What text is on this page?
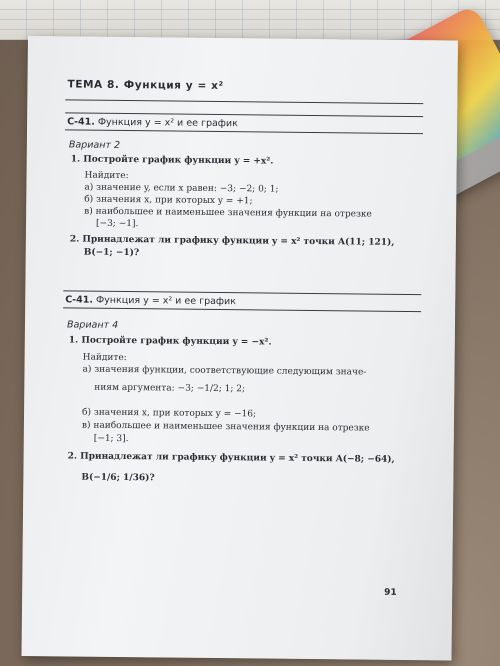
ТЕМА 8. Функция y = x²
С-41. Функция y = x² и ее график
Вариант 2
1. Постройте график функции y = +x².
Найдите:
а) значение y, если x равен: −3; −2; 0; 1;
б) значения x, при которых y = +1;
в) наибольшее и наименьшее значения функции на отрезке
[−3; −1].
2. Принадлежат ли графику функции y = x² точки A(11; 121),
B(−1; −1)?
С-41. Функция y = x² и ее график
Вариант 4
1. Постройте график функции y = −x².
Найдите:
а) значения функции, соответствующие следующим значе-
ниям аргумента: −3; −1/2; 1; 2;
б) значения x, при которых y = −16;
в) наибольшее и наименьшее значения функции на отрезке
[−1; 3].
2. Принадлежат ли графику функции y = x² точки A(−8; −64),
B(−1/6; 1/36)?
91
